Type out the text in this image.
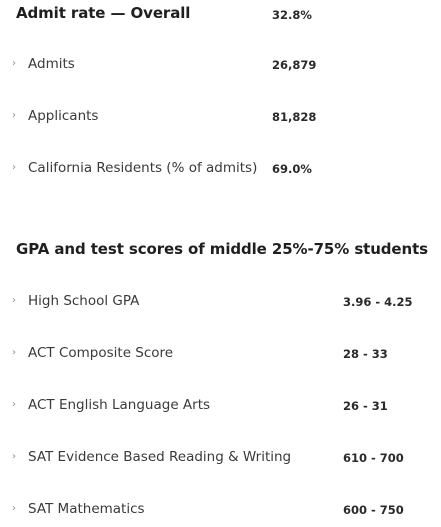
Admit rate — Overall	32.8%
› Admits	26,879
› Applicants	81,828
› California Residents (% of admits) 69.0%
GPA and test scores of middle 25%-75% students
› High School GPA	3.96 - 4.25
› ACT Composite Score	28 - 33
› ACT English Language Arts	26 - 31
› SAT Evidence Based Reading & Writing	610 - 700
› SAT Mathematics	600 - 750
